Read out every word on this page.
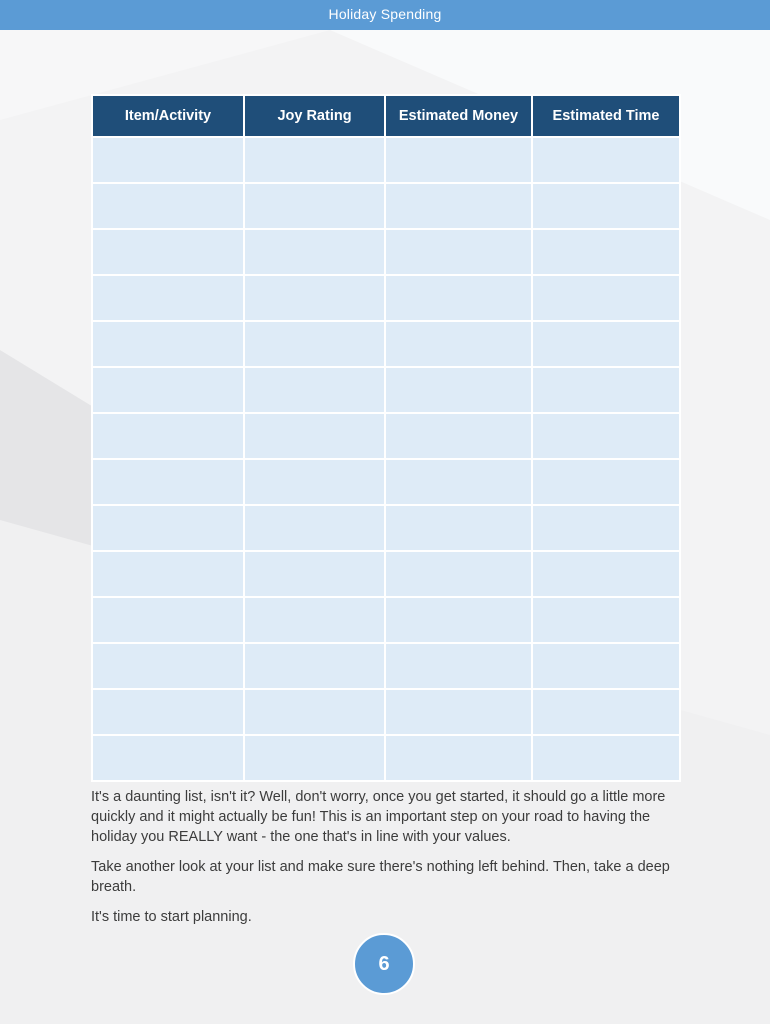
Holiday Spending
Item/Activity	Joy Rating	Estimated Money	Estimated Time

It's a daunting list, isn't it? Well, don't worry, once you get started, it should go a little more quickly and it might actually be fun! This is an important step on your road to having the holiday you REALLY want - the one that's in line with your values.

Take another look at your list and make sure there's nothing left behind. Then, take a deep breath.

It's time to start planning.

6
